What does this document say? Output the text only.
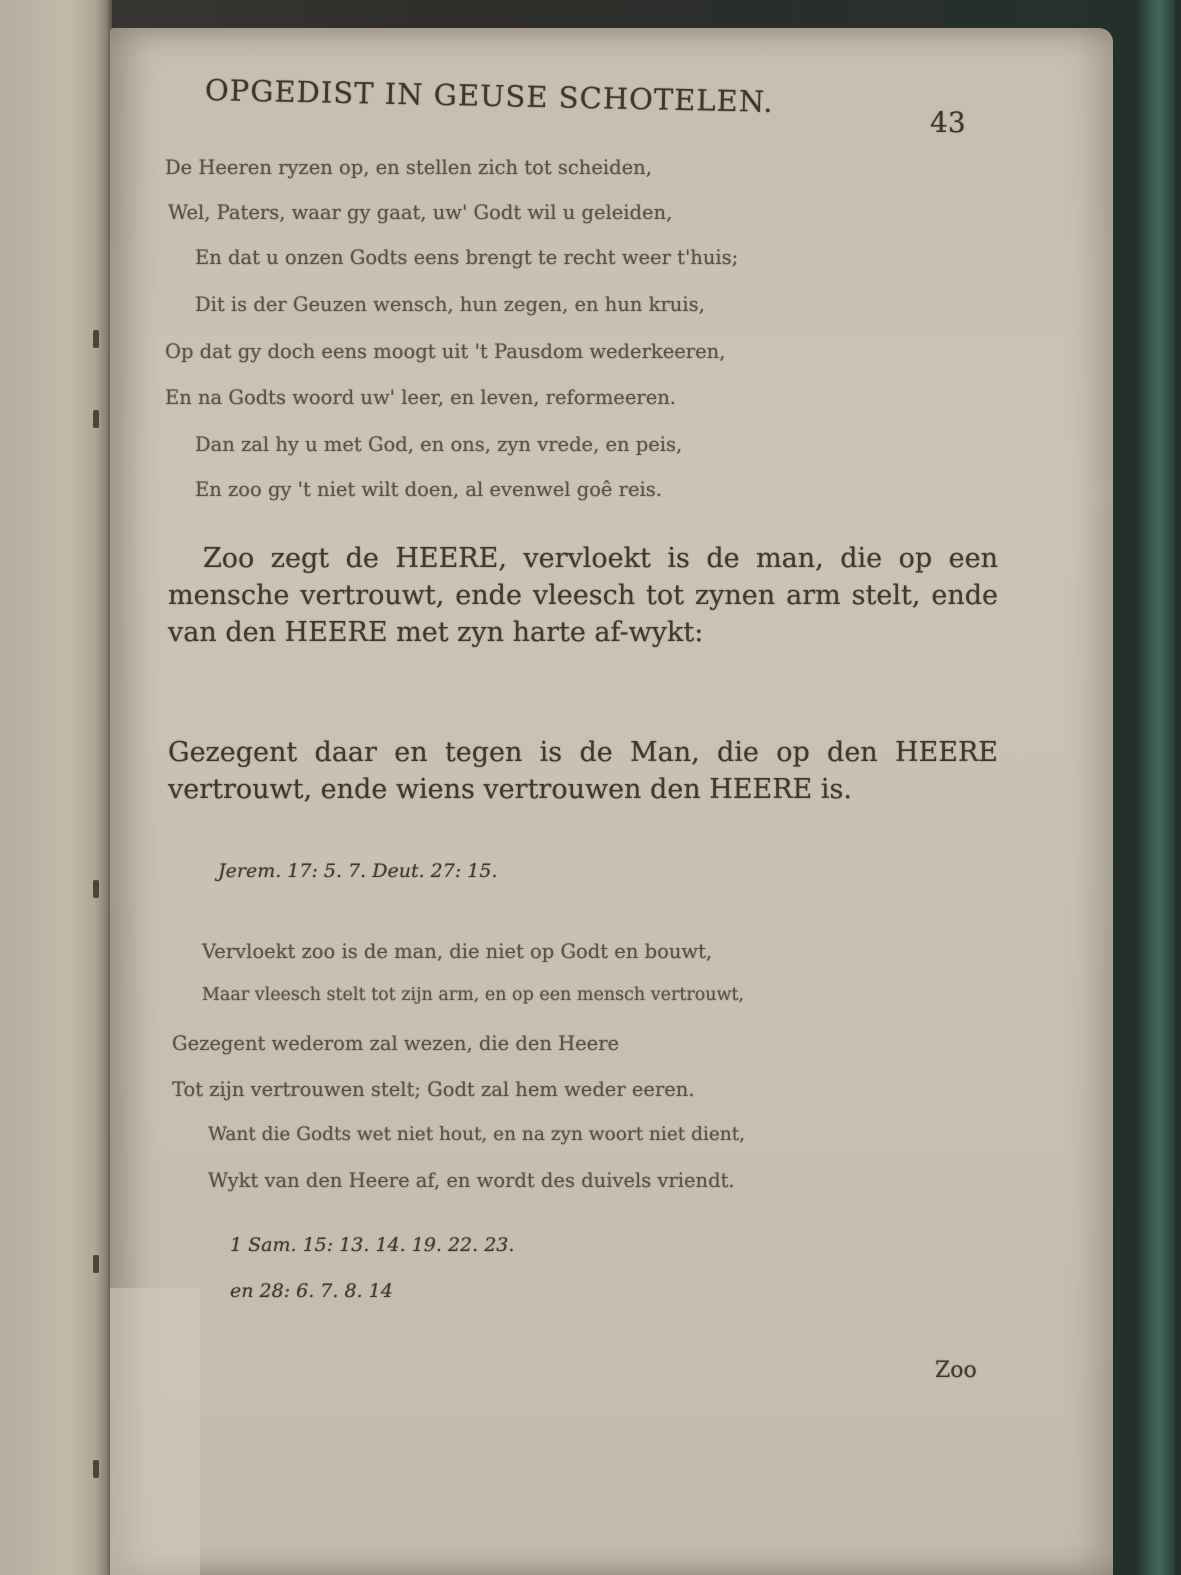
OPGEDIST IN GEUSE SCHOTELEN.
43
De Heeren ryzen op, en stellen zich tot scheiden,
Wel, Paters, waar gy gaat, uw' Godt wil u geleiden,
En dat u onzen Godts eens brengt te recht weer t'huis;
Dit is der Geuzen wensch, hun zegen, en hun kruis,
Op dat gy doch eens moogt uit 't Pausdom wederkeeren,
En na Godts woord uw' leer, en leven, reformeeren.
Dan zal hy u met God, en ons, zyn vrede, en peis,
En zoo gy 't niet wilt doen, al evenwel goê reis.
Zoo zegt de HEERE, vervloekt is de man, die op een mensche vertrouwt, ende vleesch tot zynen arm stelt, ende van den HEERE met zyn harte af-wykt:
Gezegent daar en tegen is de Man, die op den HEERE vertrouwt, ende wiens vertrouwen den HEERE is.
Jerem. 17: 5. 7. Deut. 27: 15.
Vervloekt zoo is de man, die niet op Godt en bouwt,
Maar vleesch stelt tot zijn arm, en op een mensch vertrouwt,
Gezegent wederom zal wezen, die den Heere
Tot zijn vertrouwen stelt; Godt zal hem weder eeren.
Want die Godts wet niet hout, en na zyn woort niet dient,
Wykt van den Heere af, en wordt des duivels vriendt.
1 Sam. 15: 13. 14. 19. 22. 23.
en 28: 6. 7. 8. 14
Zoo
